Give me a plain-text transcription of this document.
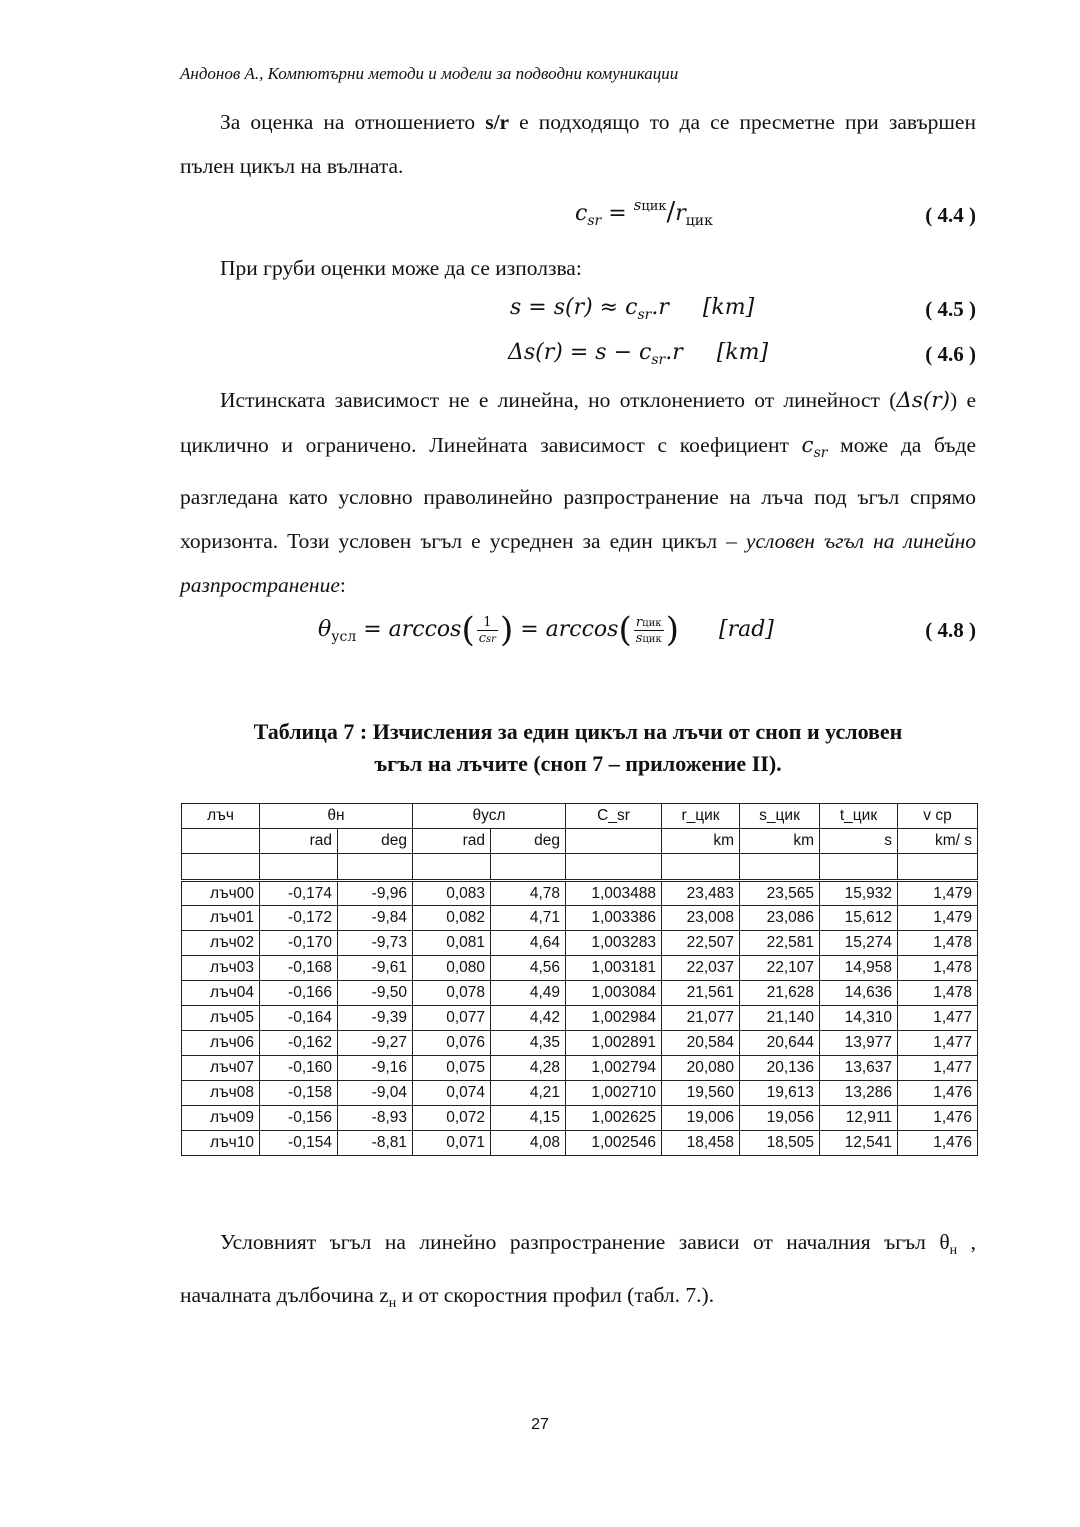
Андонов А., Компютърни методи и модели за подводни комуникации

За оценка на отношението s/r е подходящо то да се пресметне при завършен пълен цикъл на вълната.

$c_{sr} = ^{sцик}/r_{цик}$	( 4.4 )

При груби оценки може да се използва:

$s = s(r) \approx c_{sr}.r$ [km]	( 4.5 )
$\Delta s(r) = s - c_{sr}.r$ [km]	( 4.6 )

Истинската зависимост не е линейна, но отклонението от линейност (Δs(r)) е циклично и ограничено. Линейната зависимост с коефициент $c_{sr}$ може да бъде разгледана като условно праволинейно разпространение на лъча под ъгъл спрямо хоризонта. Този условен ъгъл е усреднен за един цикъл – условен ъгъл на линейно разпространение:

$\theta_{усл} = \arccos( \frac{1}{\text{csr}}$ ) = $\arccos( \frac{\text{rцик}}{\text{sцик}}$ ) [rad]	( 4.8 )
Таблица 7 : Изчисления за един цикъл на лъчи от сноп и условен
ъгъл на лъчите (сноп 7 – приложение II).
лъч	θн		θусл		C_sr	r_цик	s_цик	t_цик	v cp
	rad	deg	rad	deg		km	km	s	km/ s

лъч00	-0,174	-9,96	0,083	4,78	1,003488	23,483	23,565	15,932	1,479
лъч01	-0,172	-9,84	0,082	4,71	1,003386	23,008	23,086	15,612	1,479
лъч02	-0,170	-9,73	0,081	4,64	1,003283	22,507	22,581	15,274	1,478
лъч03	-0,168	-9,61	0,080	4,56	1,003181	22,037	22,107	14,958	1,478
лъч04	-0,166	-9,50	0,078	4,49	1,003084	21,561	21,628	14,636	1,478
лъч05	-0,164	-9,39	0,077	4,42	1,002984	21,077	21,140	14,310	1,477
лъч06	-0,162	-9,27	0,076	4,35	1,002891	20,584	20,644	13,977	1,477
лъч07	-0,160	-9,16	0,075	4,28	1,002794	20,080	20,136	13,637	1,477
лъч08	-0,158	-9,04	0,074	4,21	1,002710	19,560	19,613	13,286	1,476
лъч09	-0,156	-8,93	0,072	4,15	1,002625	19,006	19,056	12,911	1,476
лъч10	-0,154	-8,81	0,071	4,08	1,002546	18,458	18,505	12,541	1,476

Условният ъгъл на линейно разпространение зависи от началния ъгъл $\theta_н$ , началната дълбочина $z_н$ и от скоростния профил (табл. 7.).

27
